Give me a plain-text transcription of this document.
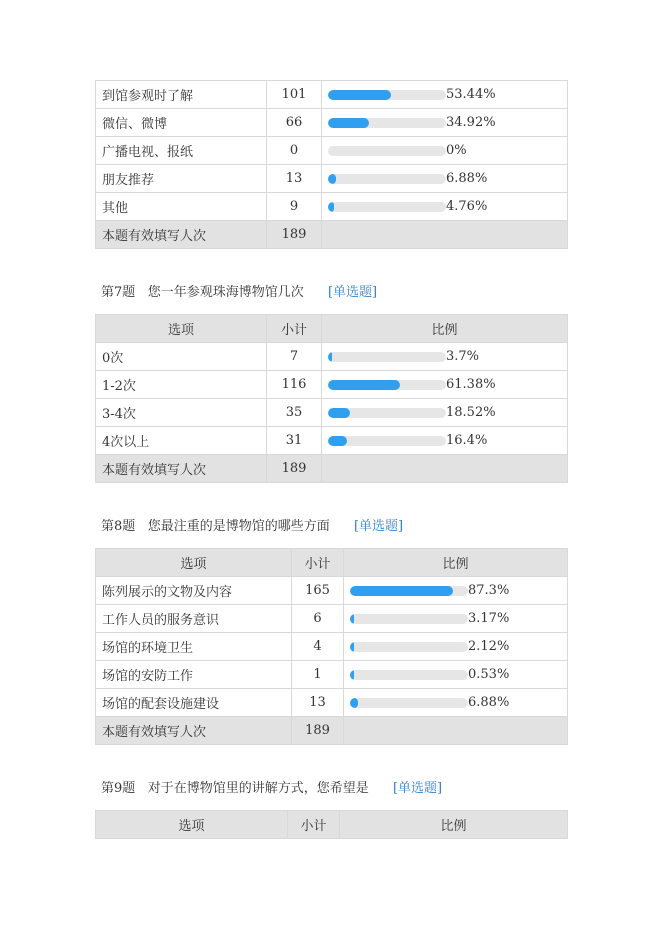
到馆参观时了解	101	53.44%
微信、微博	66	34.92%
广播电视、报纸	0	0%
朋友推荐	13	6.88%
其他	9	4.76%
本题有效填写人次	189	
第7题 您一年参观珠海博物馆几次 [单选题]
选项	小计	比例
0次	7	3.7%
1-2次	116	61.38%
3-4次	35	18.52%
4次以上	31	16.4%
本题有效填写人次	189	
第8题 您最注重的是博物馆的哪些方面 [单选题]
选项	小计	比例
陈列展示的文物及内容	165	87.3%
工作人员的服务意识	6	3.17%
场馆的环境卫生	4	2.12%
场馆的安防工作	1	0.53%
场馆的配套设施建设	13	6.88%
本题有效填写人次	189	
第9题 对于在博物馆里的讲解方式，您希望是 [单选题]
选项	小计	比例
